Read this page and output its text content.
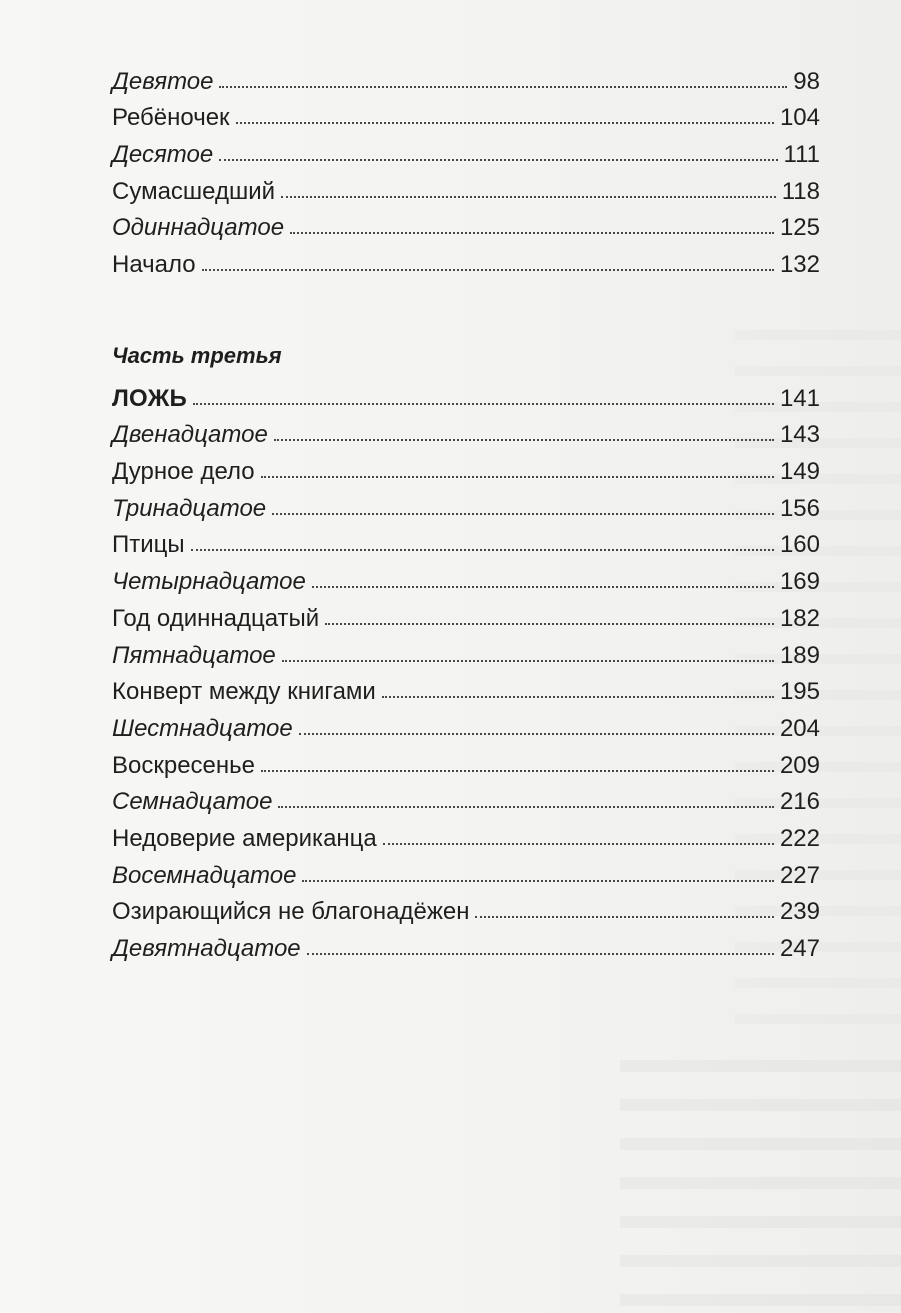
Девятое	98
Ребёночек	104
Десятое	111
Сумасшедший	118
Одиннадцатое	125
Начало	132
Часть третья
ЛОЖЬ	141
Двенадцатое	143
Дурное дело	149
Тринадцатое	156
Птицы	160
Четырнадцатое	169
Год одиннадцатый	182
Пятнадцатое	189
Конверт между книгами	195
Шестнадцатое	204
Воскресенье	209
Семнадцатое	216
Недоверие американца	222
Восемнадцатое	227
Озирающийся не благонадёжен	239
Девятнадцатое	247
